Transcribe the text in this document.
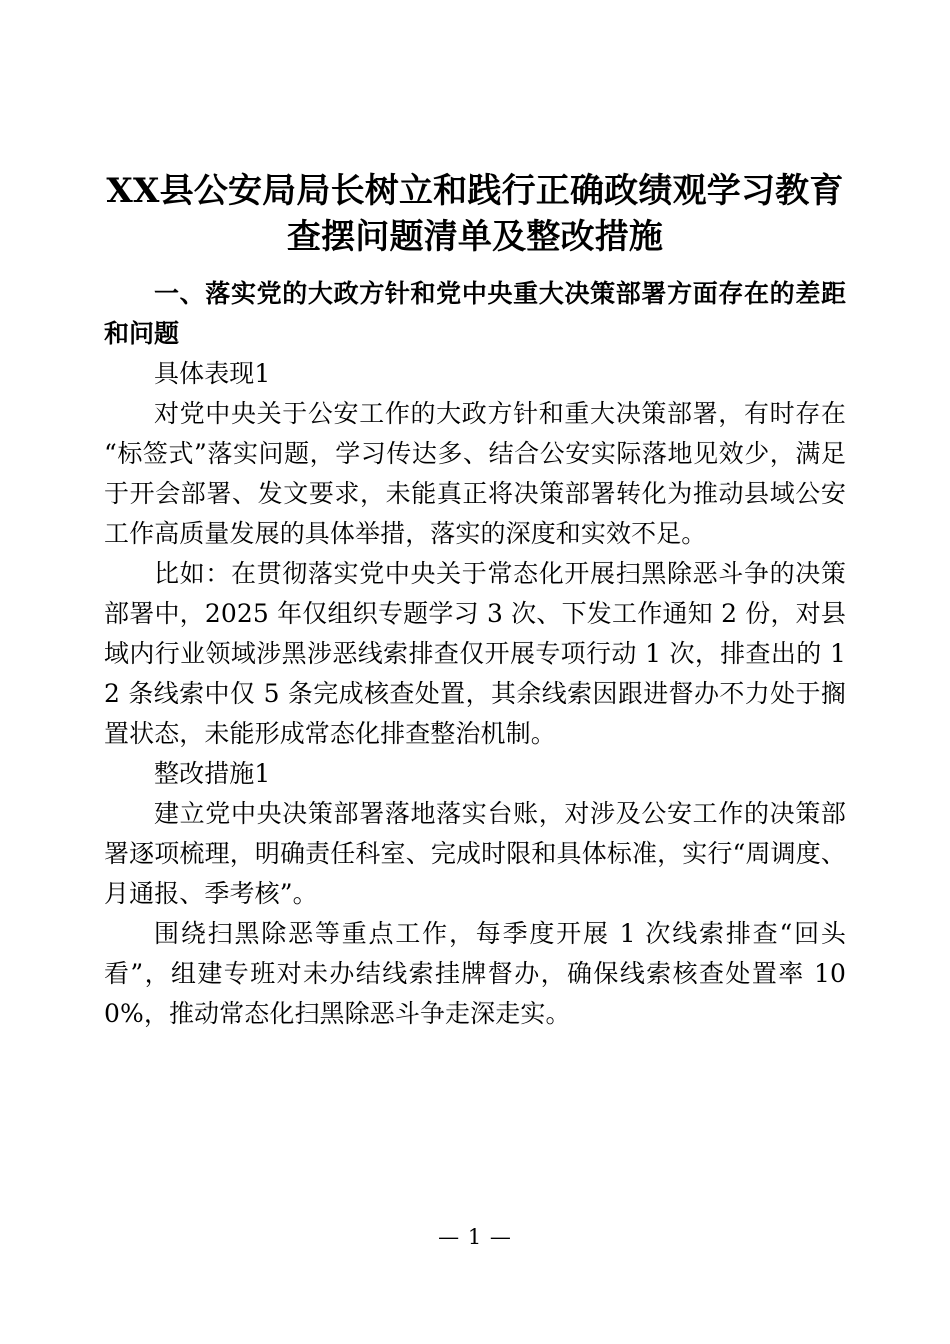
XX县公安局局长树立和践行正确政绩观学习教育查摆问题清单及整改措施
一、落实党的大政方针和党中央重大决策部署方面存在的差距和问题

具体表现1

对党中央关于公安工作的大政方针和重大决策部署，有时存在“标签式”落实问题，学习传达多、结合公安实际落地见效少，满足于开会部署、发文要求，未能真正将决策部署转化为推动县域公安工作高质量发展的具体举措，落实的深度和实效不足。

比如：在贯彻落实党中央关于常态化开展扫黑除恶斗争的决策部署中，2025 年仅组织专题学习 3 次、下发工作通知 2 份，对县域内行业领域涉黑涉恶线索排查仅开展专项行动 1 次，排查出的 12 条线索中仅 5 条完成核查处置，其余线索因跟进督办不力处于搁置状态，未能形成常态化排查整治机制。

整改措施1

建立党中央决策部署落地落实台账，对涉及公安工作的决策部署逐项梳理，明确责任科室、完成时限和具体标准，实行“周调度、月通报、季考核”。

围绕扫黑除恶等重点工作，每季度开展 1 次线索排查“回头看”，组建专班对未办结线索挂牌督办，确保线索核查处置率 100%，推动常态化扫黑除恶斗争走深走实。

— 1 —
